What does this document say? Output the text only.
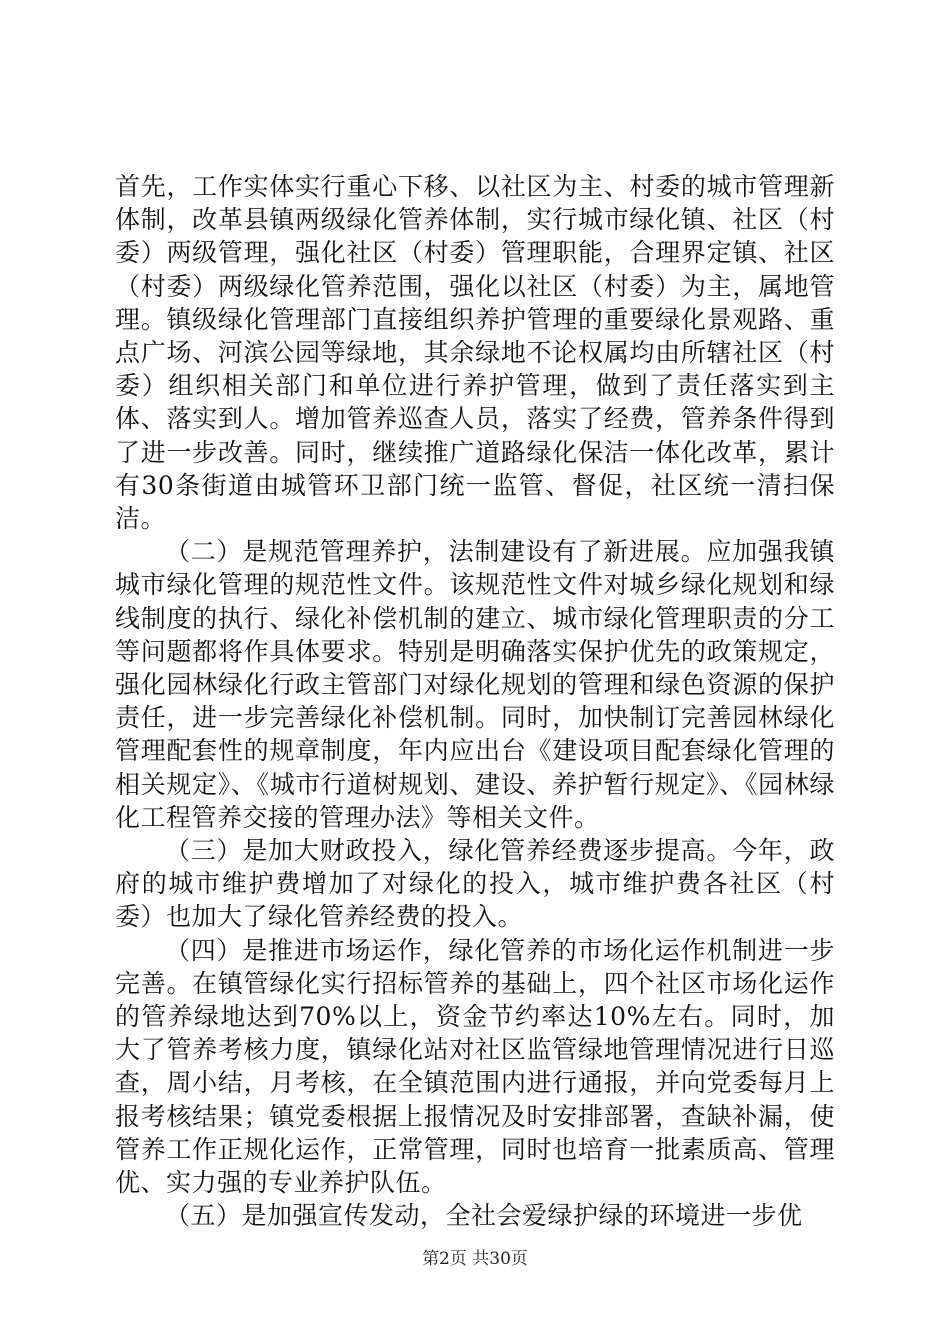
首先，工作实体实行重心下移、以社区为主、村委的城市管理新体制，改革县镇两级绿化管养体制，实行城市绿化镇、社区（村委）两级管理，强化社区（村委）管理职能，合理界定镇、社区（村委）两级绿化管养范围，强化以社区（村委）为主，属地管理。镇级绿化管理部门直接组织养护管理的重要绿化景观路、重点广场、河滨公园等绿地，其余绿地不论权属均由所辖社区（村委）组织相关部门和单位进行养护管理，做到了责任落实到主体、落实到人。增加管养巡查人员，落实了经费，管养条件得到了进一步改善。同时，继续推广道路绿化保洁一体化改革，累计有30条街道由城管环卫部门统一监管、督促，社区统一清扫保洁。

（二）是规范管理养护，法制建设有了新进展。应加强我镇城市绿化管理的规范性文件。该规范性文件对城乡绿化规划和绿线制度的执行、绿化补偿机制的建立、城市绿化管理职责的分工等问题都将作具体要求。特别是明确落实保护优先的政策规定，强化园林绿化行政主管部门对绿化规划的管理和绿色资源的保护责任，进一步完善绿化补偿机制。同时，加快制订完善园林绿化管理配套性的规章制度，年内应出台《建设项目配套绿化管理的相关规定》、《城市行道树规划、建设、养护暂行规定》、《园林绿化工程管养交接的管理办法》等相关文件。

（三）是加大财政投入，绿化管养经费逐步提高。今年，政府的城市维护费增加了对绿化的投入，城市维护费各社区（村委）也加大了绿化管养经费的投入。

（四）是推进市场运作，绿化管养的市场化运作机制进一步完善。在镇管绿化实行招标管养的基础上，四个社区市场化运作的管养绿地达到70%以上，资金节约率达10%左右。同时，加大了管养考核力度，镇绿化站对社区监管绿地管理情况进行日巡查，周小结，月考核，在全镇范围内进行通报，并向党委每月上报考核结果；镇党委根据上报情况及时安排部署，查缺补漏，使管养工作正规化运作，正常管理，同时也培育一批素质高、管理优、实力强的专业养护队伍。

（五）是加强宣传发动，全社会爱绿护绿的环境进一步优

第2页 共30页
